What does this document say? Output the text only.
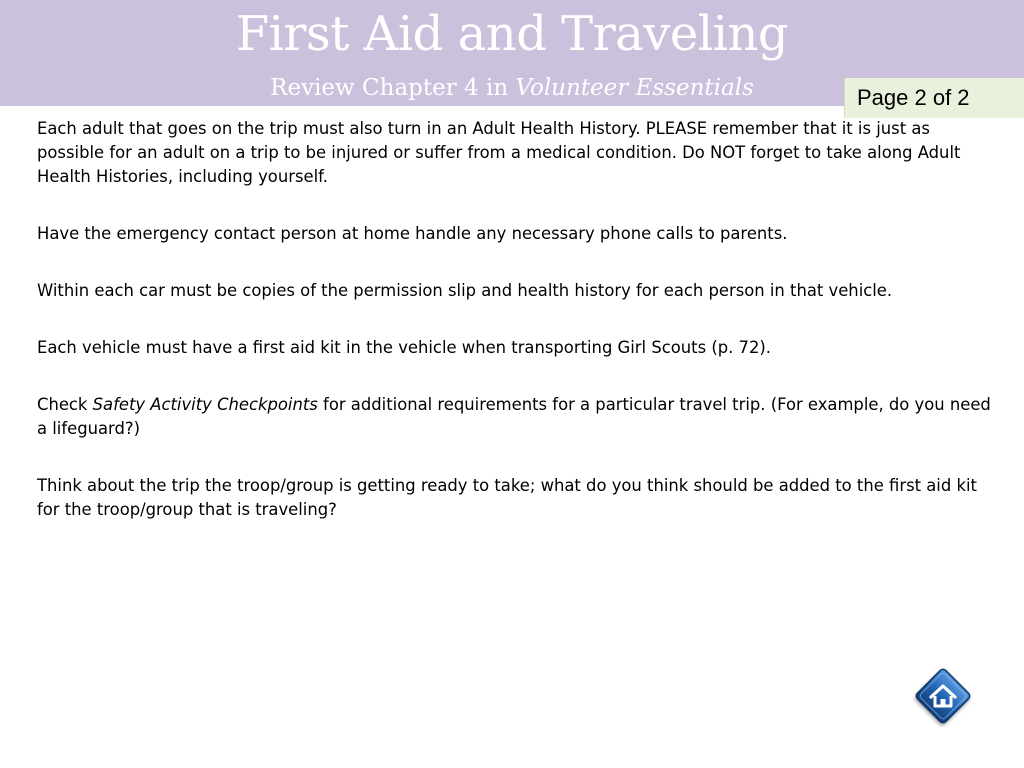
First Aid and Traveling
Review Chapter 4 in Volunteer Essentials	Page 2 of 2

Each adult that goes on the trip must also turn in an Adult Health History. PLEASE remember that it is just as possible for an adult on a trip to be injured or suffer from a medical condition. Do NOT forget to take along Adult Health Histories, including yourself.

Have the emergency contact person at home handle any necessary phone calls to parents.

Within each car must be copies of the permission slip and health history for each person in that vehicle.

Each vehicle must have a first aid kit in the vehicle when transporting Girl Scouts (p. 72).

Check Safety Activity Checkpoints for additional requirements for a particular travel trip. (For example, do you need a lifeguard?)

Think about the trip the troop/group is getting ready to take; what do you think should be added to the first aid kit for the troop/group that is traveling?
